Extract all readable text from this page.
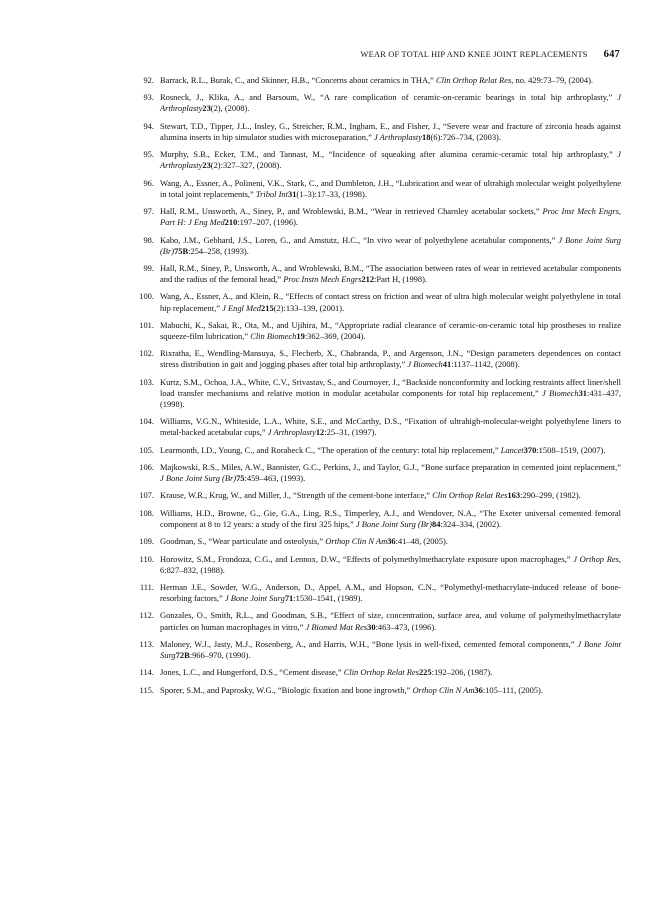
WEAR OF TOTAL HIP AND KNEE JOINT REPLACEMENTS 647
92. Barrack, R.L., Burak, C., and Skinner, H.B., “Concerns about ceramics in THA,” Clin Orthop Relat Res, no. 429:73–79, (2004).
93. Rosneck, J., Klika, A., and Barsoum, W., “A rare complication of ceramic-on-ceramic bearings in total hip arthroplasty,” J Arthroplasty23(2), (2008).
94. Stewart, T.D., Tipper, J.L., Insley, G., Streicher, R.M., Ingham, E., and Fisher, J., “Severe wear and fracture of zirconia heads against alumina inserts in hip simulator studies with microseparation,” J Arthroplasty18(6):726–734, (2003).
95. Murphy, S.B., Ecker, T.M., and Tannast, M., “Incidence of squeaking after alumina ceramic-ceramic total hip arthroplasty,” J Arthroplasty23(2):327–327, (2008).
96. Wang, A., Essner, A., Polineni, V.K., Stark, C., and Dumbleton, J.H., “Lubrication and wear of ultrahigh molecular weight polyethylene in total joint replacements,” Tribol Int31(1–3):17–33, (1998).
97. Hall, R.M., Unsworth, A., Siney, P., and Wroblewski, B.M., “Wear in retrieved Charnley acetabular sockets,” Proc Inst Mech Engrs, Part H: J Eng Med210:197–207, (1996).
98. Kabo, J.M., Gebhard, J.S., Loren, G., and Amstutz, H.C., “In vivo wear of polyethylene acetabular components,” J Bone Joint Surg (Br)75B:254–258, (1993).
99. Hall, R.M., Siney, P., Unsworth, A., and Wroblewski, B.M., “The association between rates of wear in retrieved acetabular components and the radius of the femoral head,” Proc Instn Mech Engrs212:Part H, (1998).
100. Wang, A., Essner, A., and Klein, R., “Effects of contact stress on friction and wear of ultra high molecular weight polyethylene in total hip replacement,” J Engl Med215(2):133–139, (2001).
101. Mabuchi, K., Sakai, R., Ota, M., and Ujihira, M., “Appropriate radial clearance of ceramic-on-ceramic total hip prostheses to realize squeeze-film lubrication,” Clin Biomech19:362–369, (2004).
102. Rixratha, E., Wendling-Mansuya, S., Flecherb, X., Chabranda, P., and Argenson, J.N., “Design parameters dependences on contact stress distribution in gait and jogging phases after total hip arthroplasty,” J Biomech41:1137–1142, (2008).
103. Kurtz, S.M., Ochoa, J.A., White, C.V., Srivastav, S., and Cournoyer, J., “Backside nonconformity and locking restraints affect liner/shell load transfer mechanisms and relative motion in modular acetabular components for total hip replacement,” J Biomech31:431–437, (1998).
104. Williams, V.G.N., Whiteside, L.A., White, S.E., and McCarthy, D.S., “Fixation of ultrahigh-molecular-weight polyethylene liners to metal-backed acetabular cups,” J Arthroplasty12:25–31, (1997).
105. Learmonth, I.D., Young, C., and Rorabeck C., “The operation of the century: total hip replacement,” Lancet370:1508–1519, (2007).
106. Majkowski, R.S., Miles, A.W., Bannister, G.C., Perkins, J., and Taylor, G.J., “Bone surface preparation in cemented joint replacement,” J Bone Joint Surg (Br)75:459–463, (1993).
107. Krause, W.R., Krug, W., and Miller, J., “Strength of the cement-bone interface,” Clin Orthop Relat Res163:290–299, (1982).
108. Williams, H.D., Browne, G., Gie, G.A., Ling, R.S., Timperley, A.J., and Wendover, N.A., “The Exeter universal cemented femoral component at 8 to 12 years: a study of the first 325 hips,” J Bone Joint Surg (Br)84:324–334, (2002).
109. Goodman, S., “Wear particulate and osteolysis,” Orthop Clin N Am36:41–48, (2005).
110. Horowitz, S.M., Frondoza, C.G., and Lennox, D.W., “Effects of polymethylmethacrylate exposure upon macrophages,” J Orthop Res, 6:827–832, (1988).
111. Herman J.E., Sowder, W.G., Anderson, D., Appel, A.M., and Hopson, C.N., “Polymethyl-methacrylate-induced release of bone-resorbing factors,” J Bone Joint Surg71:1530–1541, (1989).
112. Gonzales, O., Smith, R.L., and Goodman, S.B., “Effect of size, concentration, surface area, and volume of polymethylmethacrylate particles on human macrophages in vitro,” J Biomed Mat Res30:463–473, (1996).
113. Maloney, W.J., Jasty, M.J., Rosenberg, A., and Harris, W.H., “Bone lysis in well-fixed, cemented femoral components,” J Bone Joint Surg72B:966–970, (1990).
114. Jones, L.C., and Hungerford, D.S., “Cement disease,” Clin Orthop Relat Res225:192–206, (1987).
115. Sporer, S.M., and Paprosky, W.G., “Biologic fixation and bone ingrowth,” Orthop Clin N Am36:105–111, (2005).
